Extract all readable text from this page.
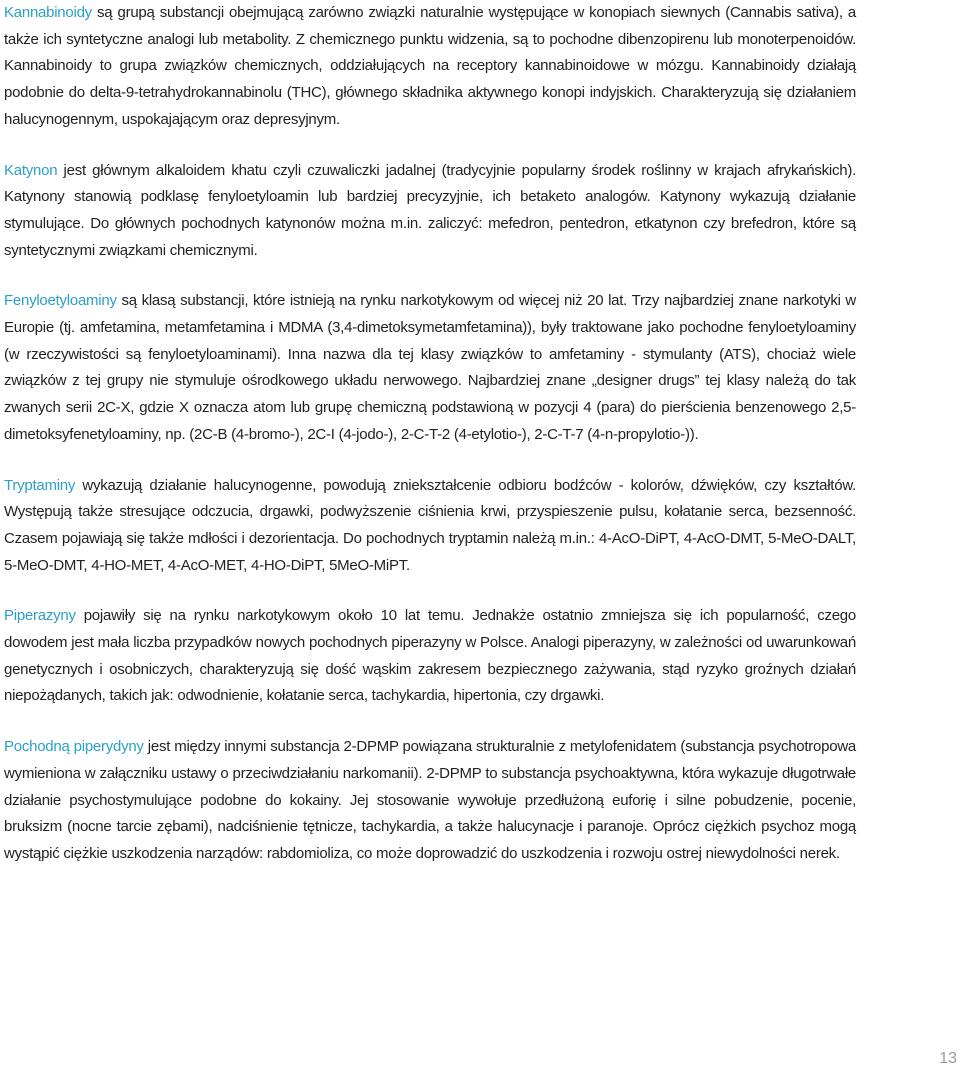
Kannabinoidy są grupą substancji obejmującą zarówno związki naturalnie występujące w konopiach siewnych (Cannabis sativa), a także ich syntetyczne analogi lub metabolity. Z chemicznego punktu widzenia, są to pochodne dibenzopirenu lub monoterpenoidów. Kannabinoidy to grupa związków chemicznych, oddziałujących na receptory kannabinoidowe w mózgu. Kannabinoidy działają podobnie do delta-9-tetrahydrokannabinolu (THC), głównego składnika aktywnego konopi indyjskich. Charakteryzują się działaniem halucynogennym, uspokajającym oraz depresyjnym.

Katynon jest głównym alkaloidem khatu czyli czuwaliczki jadalnej (tradycyjnie popularny środek roślinny w krajach afrykańskich). Katynony stanowią podklasę fenyloetyloamin lub bardziej precyzyjnie, ich betaketo analogów. Katynony wykazują działanie stymulujące. Do głównych pochodnych katynonów można m.in. zaliczyć: mefedron, pentedron, etkatynon czy brefedron, które są syntetycznymi związkami chemicznymi.

Fenyloetyloaminy są klasą substancji, które istnieją na rynku narkotykowym od więcej niż 20 lat. Trzy najbardziej znane narkotyki w Europie (tj. amfetamina, metamfetamina i MDMA (3,4-dimetoksymetamfetamina)), były traktowane jako pochodne fenyloetyloaminy (w rzeczywistości są fenyloetyloaminami). Inna nazwa dla tej klasy związków to amfetaminy - stymulanty (ATS), chociaż wiele związków z tej grupy nie stymuluje ośrodkowego układu nerwowego. Najbardziej znane „designer drugs” tej klasy należą do tak zwanych serii 2C-X, gdzie X oznacza atom lub grupę chemiczną podstawioną w pozycji 4 (para) do pierścienia benzenowego 2,5-dimetoksyfenetyloaminy, np. (2C-B (4-bromo-), 2C-I (4-jodo-), 2-C-T-2 (4-etylotio-), 2-C-T-7 (4-n-propylotio-)).

Tryptaminy wykazują działanie halucynogenne, powodują zniekształcenie odbioru bodźców - kolorów, dźwięków, czy kształtów. Występują także stresujące odczucia, drgawki, podwyższenie ciśnienia krwi, przyspieszenie pulsu, kołatanie serca, bezsenność. Czasem pojawiają się także mdłości i dezorientacja. Do pochodnych tryptamin należą m.in.: 4-AcO-DiPT, 4-AcO-DMT, 5-MeO-DALT, 5-MeO-DMT, 4-HO-MET, 4-AcO-MET, 4-HO-DiPT, 5MeO-MiPT.

Piperazyny pojawiły się na rynku narkotykowym około 10 lat temu. Jednakże ostatnio zmniejsza się ich popularność, czego dowodem jest mała liczba przypadków nowych pochodnych piperazyny w Polsce. Analogi piperazyny, w zależności od uwarunkowań genetycznych i osobniczych, charakteryzują się dość wąskim zakresem bezpiecznego zażywania, stąd ryzyko groźnych działań niepożądanych, takich jak: odwodnienie, kołatanie serca, tachykardia, hipertonia, czy drgawki.

Pochodną piperydyny jest między innymi substancja 2-DPMP powiązana strukturalnie z metylofenidatem (substancja psychotropowa wymieniona w załączniku ustawy o przeciwdziałaniu narkomanii). 2-DPMP to substancja psychoaktywna, która wykazuje długotrwałe działanie psychostymulujące podobne do kokainy. Jej stosowanie wywołuje przedłużoną euforię i silne pobudzenie, pocenie, bruksizm (nocne tarcie zębami), nadciśnienie tętnicze, tachykardia, a także halucynacje i paranoje. Oprócz ciężkich psychoz mogą wystąpić ciężkie uszkodzenia narządów: rabdomioliza, co może doprowadzić do uszkodzenia i rozwoju ostrej niewydolności nerek.

13
